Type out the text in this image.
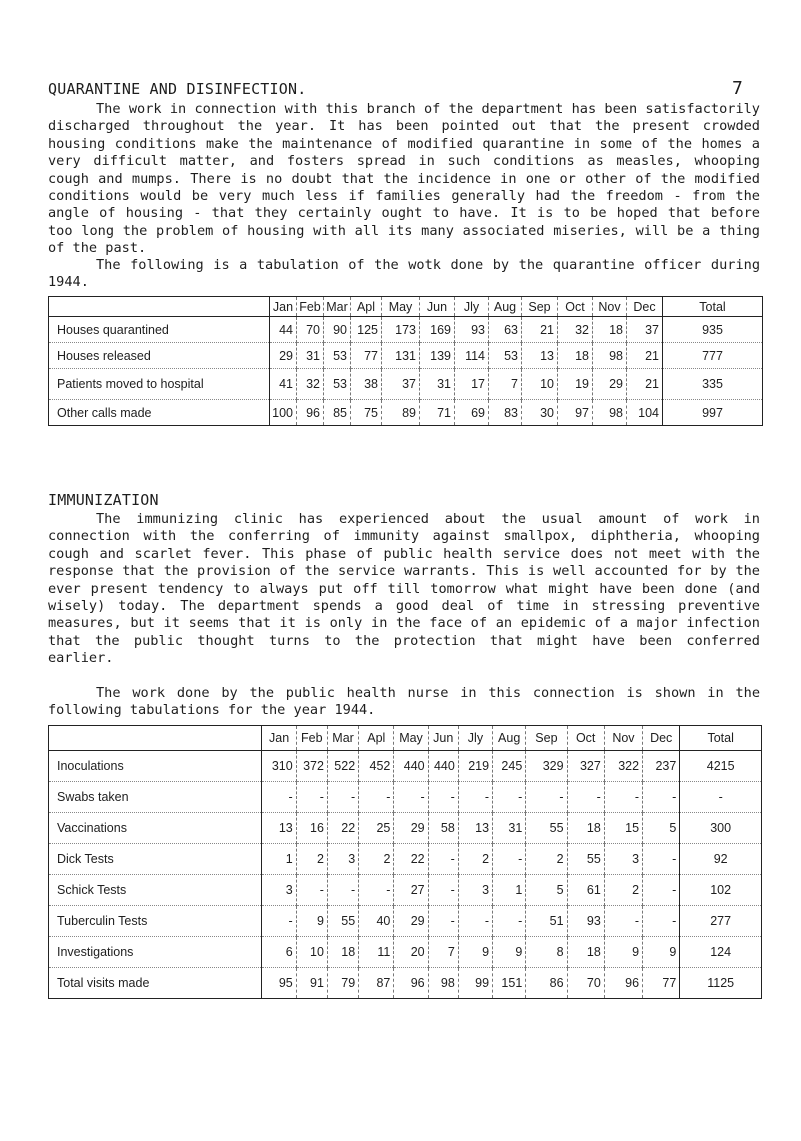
7
QUARANTINE AND DISINFECTION.
The work in connection with this branch of the department has been satisfactorily discharged throughout the year. It has been pointed out that the present crowded housing conditions make the maintenance of modified quarantine in some of the homes a very difficult matter, and fosters spread in such conditions as measles, whooping cough and mumps. There is no doubt that the incidence in one or other of the modified conditions would be very much less if families generally had the freedom - from the angle of housing - that they certainly ought to have. It is to be hoped that before too long the problem of housing with all its many associated miseries, will be a thing of the past.
The following is a tabulation of the wotk done by the quarantine officer during 1944.
	Jan	Feb	Mar	Apl	May	Jun	Jly	Aug	Sep	Oct	Nov	Dec	Total
Houses quarantined	44	70	90	125	173	169	93	63	21	32	18	37	935
Houses released	29	31	53	77	131	139	114	53	13	18	98	21	777
Patients moved to hospital	41	32	53	38	37	31	17	7	10	19	29	21	335
Other calls made	100	96	85	75	89	71	69	83	30	97	98	104	997
IMMUNIZATION
The immunizing clinic has experienced about the usual amount of work in connection with the conferring of immunity against smallpox, diphtheria, whooping cough and scarlet fever. This phase of public health service does not meet with the response that the provision of the service warrants. This is well accounted for by the ever present tendency to always put off till tomorrow what might have been done (and wisely) today. The department spends a good deal of time in stressing preventive measures, but it seems that it is only in the face of an epidemic of a major infection that the public thought turns to the protection that might have been conferred earlier.
The work done by the public health nurse in this connection is shown in the following tabulations for the year 1944.
	Jan	Feb	Mar	Apl	May	Jun	Jly	Aug	Sep	Oct	Nov	Dec	Total
Inoculations	310	372	522	452	440	440	219	245	329	327	322	237	4215
Swabs taken	-	-	-	-	-	-	-	-	-	-	-	-	-
Vaccinations	13	16	22	25	29	58	13	31	55	18	15	5	300
Dick Tests	1	2	3	2	22	-	2	-	2	55	3	-	92
Schick Tests	3	-	-	-	27	-	3	1	5	61	2	-	102
Tuberculin Tests	-	9	55	40	29	-	-	-	51	93	-	-	277
Investigations	6	10	18	11	20	7	9	9	8	18	9	9	124
Total visits made	95	91	79	87	96	98	99	151	86	70	96	77	1125
